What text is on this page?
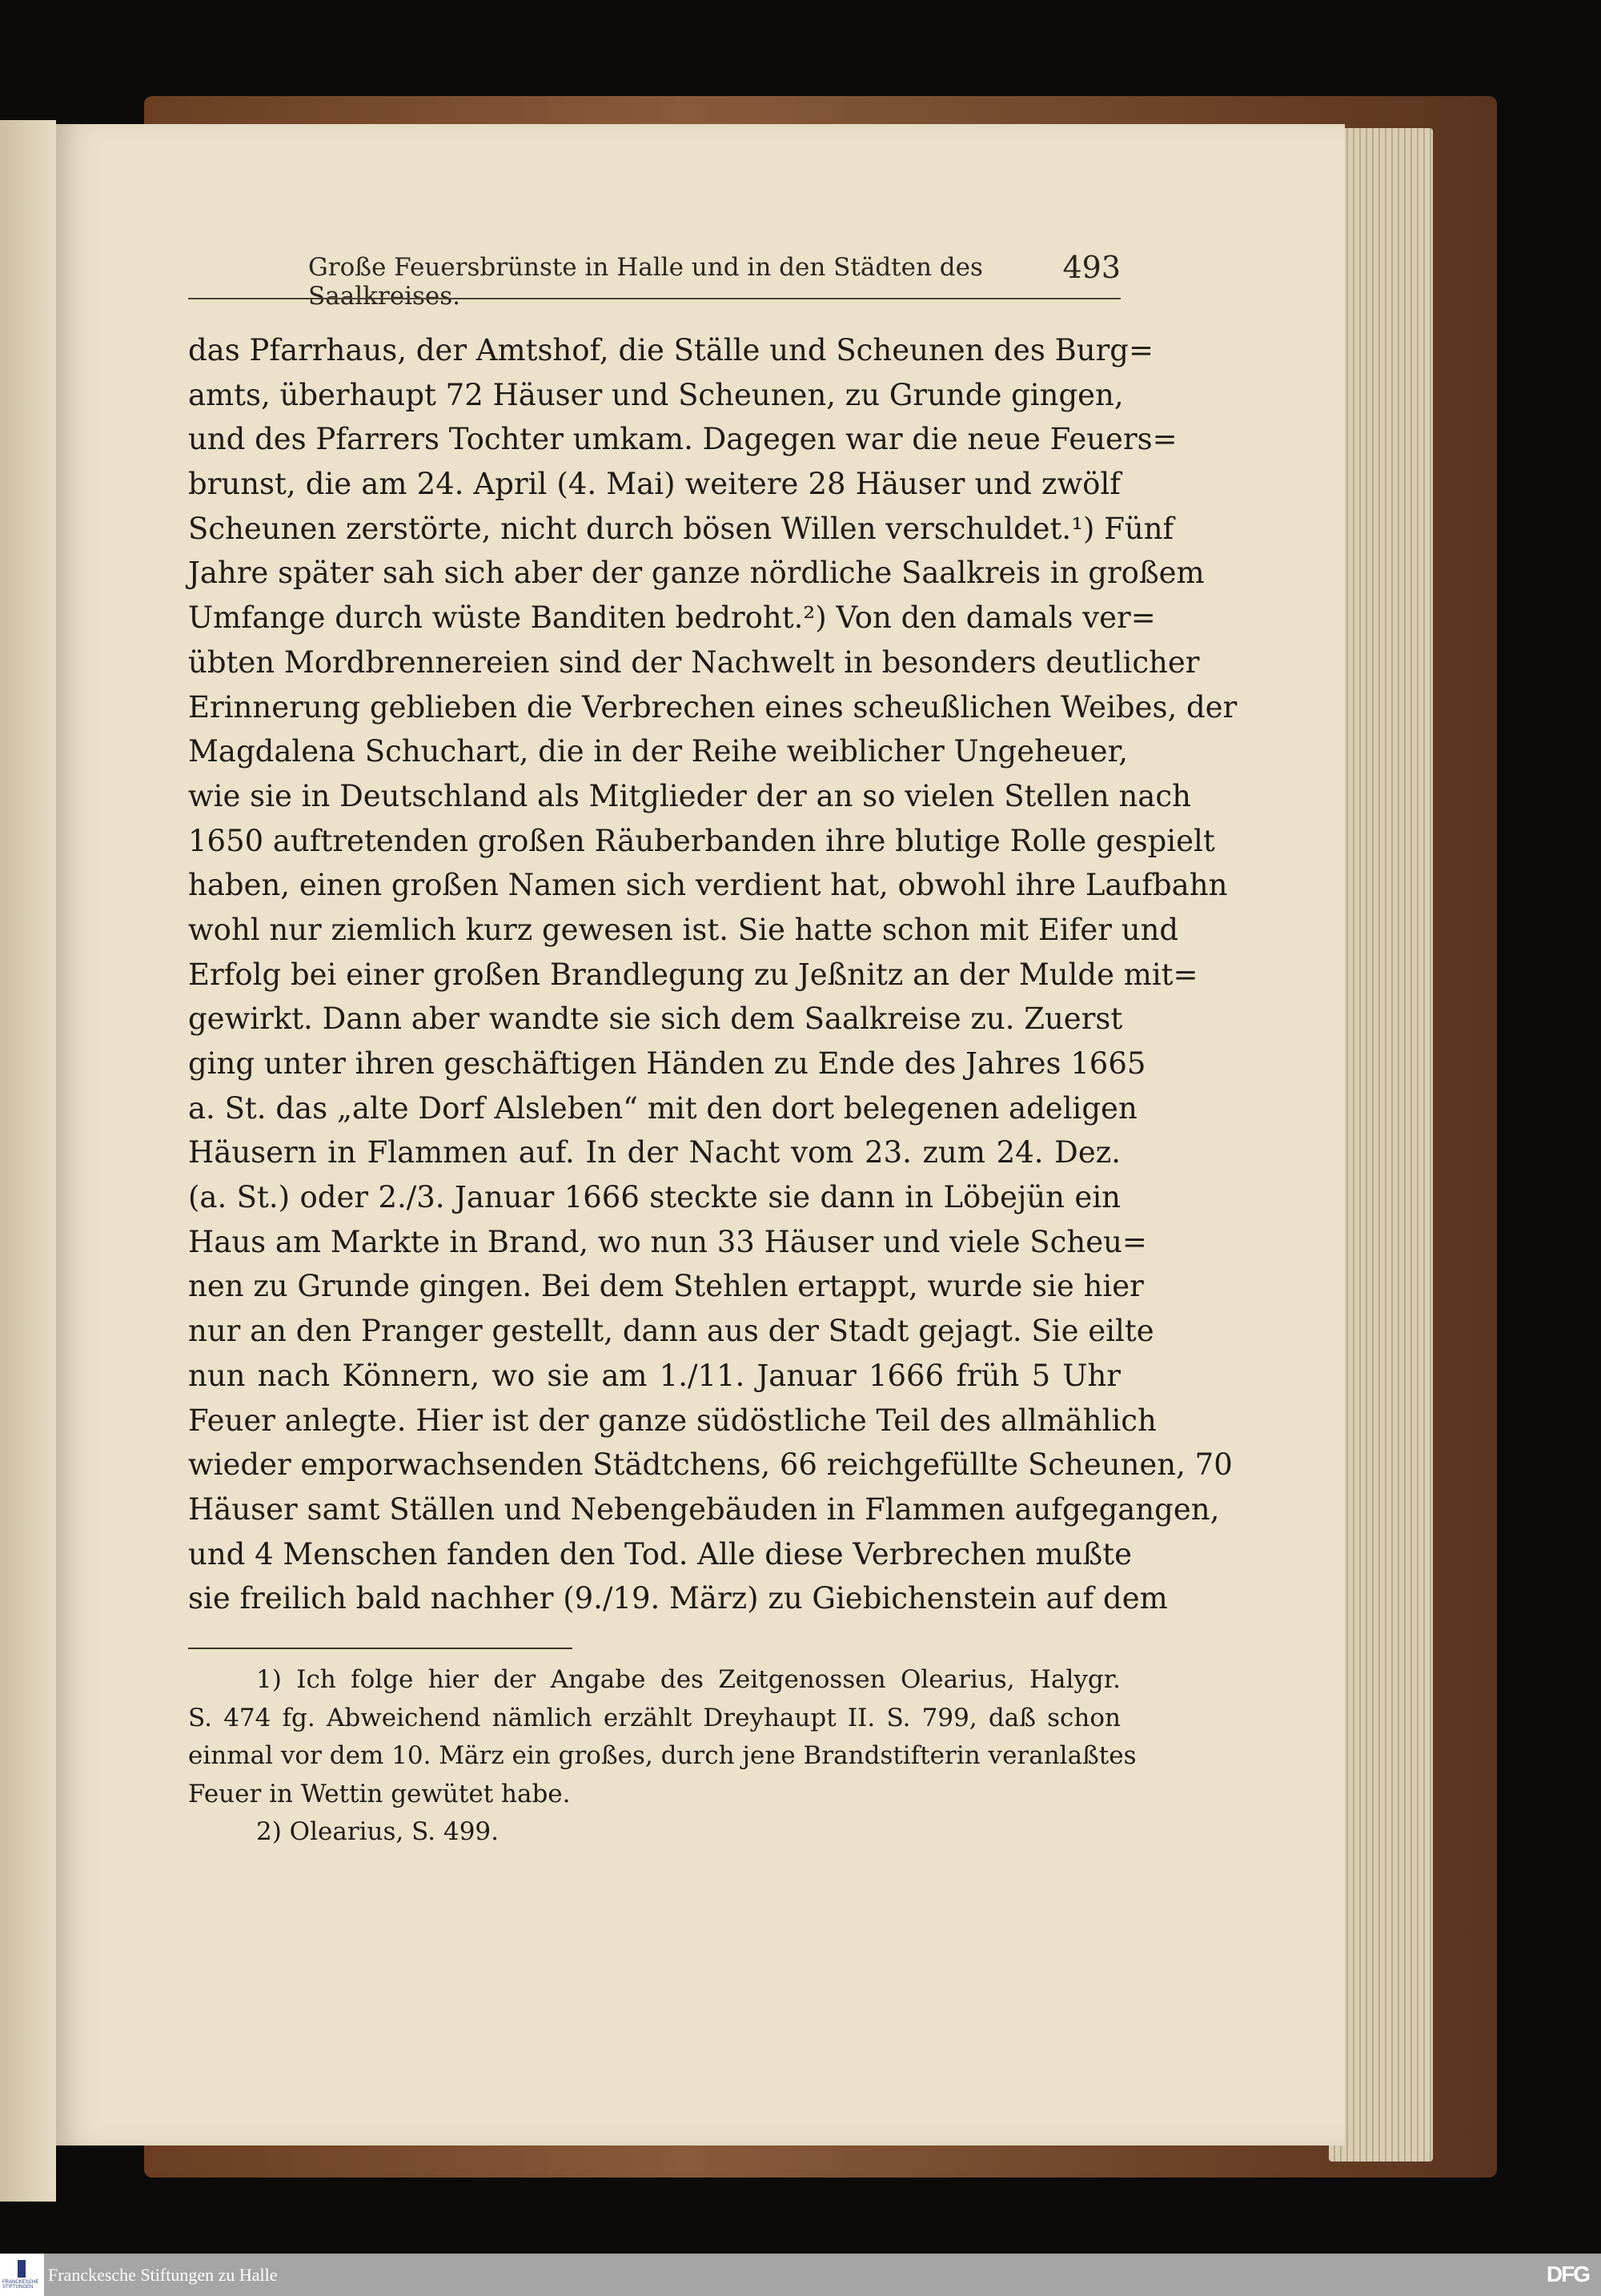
Große Feuersbrünste in Halle und in den Städten des Saalkreises.
493
das Pfarrhaus, der Amtshof, die Ställe und Scheunen des Burg=
amts, überhaupt 72 Häuser und Scheunen, zu Grunde gingen,
und des Pfarrers Tochter umkam. Dagegen war die neue Feuers=
brunst, die am 24. April (4. Mai) weitere 28 Häuser und zwölf
Scheunen zerstörte, nicht durch bösen Willen verschuldet.¹) Fünf
Jahre später sah sich aber der ganze nördliche Saalkreis in großem
Umfange durch wüste Banditen bedroht.²) Von den damals ver=
übten Mordbrennereien sind der Nachwelt in besonders deutlicher
Erinnerung geblieben die Verbrechen eines scheußlichen Weibes, der
Magdalena Schuchart, die in der Reihe weiblicher Ungeheuer,
wie sie in Deutschland als Mitglieder der an so vielen Stellen nach
1650 auftretenden großen Räuberbanden ihre blutige Rolle gespielt
haben, einen großen Namen sich verdient hat, obwohl ihre Laufbahn
wohl nur ziemlich kurz gewesen ist. Sie hatte schon mit Eifer und
Erfolg bei einer großen Brandlegung zu Jeßnitz an der Mulde mit=
gewirkt. Dann aber wandte sie sich dem Saalkreise zu. Zuerst
ging unter ihren geschäftigen Händen zu Ende des Jahres 1665
a. St. das „alte Dorf Alsleben“ mit den dort belegenen adeligen
Häusern in Flammen auf. In der Nacht vom 23. zum 24. Dez.
(a. St.) oder 2./3. Januar 1666 steckte sie dann in Löbejün ein
Haus am Markte in Brand, wo nun 33 Häuser und viele Scheu=
nen zu Grunde gingen. Bei dem Stehlen ertappt, wurde sie hier
nur an den Pranger gestellt, dann aus der Stadt gejagt. Sie eilte
nun nach Könnern, wo sie am 1./11. Januar 1666 früh 5 Uhr
Feuer anlegte. Hier ist der ganze südöstliche Teil des allmählich
wieder emporwachsenden Städtchens, 66 reichgefüllte Scheunen, 70
Häuser samt Ställen und Nebengebäuden in Flammen aufgegangen,
und 4 Menschen fanden den Tod. Alle diese Verbrechen mußte
sie freilich bald nachher (9./19. März) zu Giebichenstein auf dem
1) Ich folge hier der Angabe des Zeitgenossen Olearius, Halygr.
S. 474 fg. Abweichend nämlich erzählt Dreyhaupt II. S. 799, daß schon
einmal vor dem 10. März ein großes, durch jene Brandstifterin veranlaßtes
Feuer in Wettin gewütet habe.
2) Olearius, S. 499.
FRANCKESCHE
STIFTUNGEN
Franckesche Stiftungen zu Halle	DFG
